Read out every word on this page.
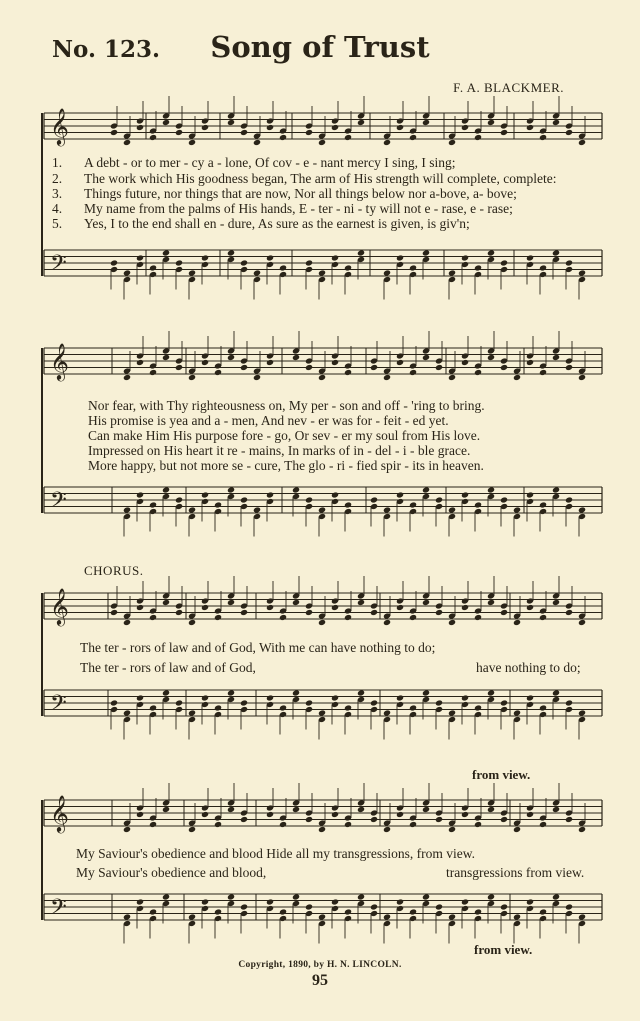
No. 123.	Song of Trust
F. A. BLACKMER.
𝄞
𝄢
𝄞
𝄢
𝄞
𝄢
𝄞
𝄢
1. A debt - or to mer - cy a - lone, Of cov - e - nant mercy I sing, I sing;
2. The work which His goodness began, The arm of His strength will complete, complete:
3. Things future, nor things that are now, Nor all things below nor a-bove, a- bove;
4. My name from the palms of His hands, E - ter - ni - ty will not e - rase, e - rase;
5. Yes, I to the end shall en - dure, As sure as the earnest is given, is giv'n;
Nor fear, with Thy righteousness on, My per - son and off - 'ring to bring.
His promise is yea and a - men, And nev - er was for - feit - ed yet.
Can make Him His purpose fore - go, Or sev - er my soul from His love.
Impressed on His heart it re - mains, In marks of in - del - i - ble grace.
More happy, but not more se - cure, The glo - ri - fied spir - its in heaven.
CHORUS.
The ter - rors of law and of God, With me can have nothing to do;
The ter - rors of law and of God,	have nothing to do;
from view.
My Saviour's obedience and blood Hide all my transgressions, from view.
My Saviour's obedience and blood,	transgressions from view.
from view.
Copyright, 1890, by H. N. LINCOLN.
95
